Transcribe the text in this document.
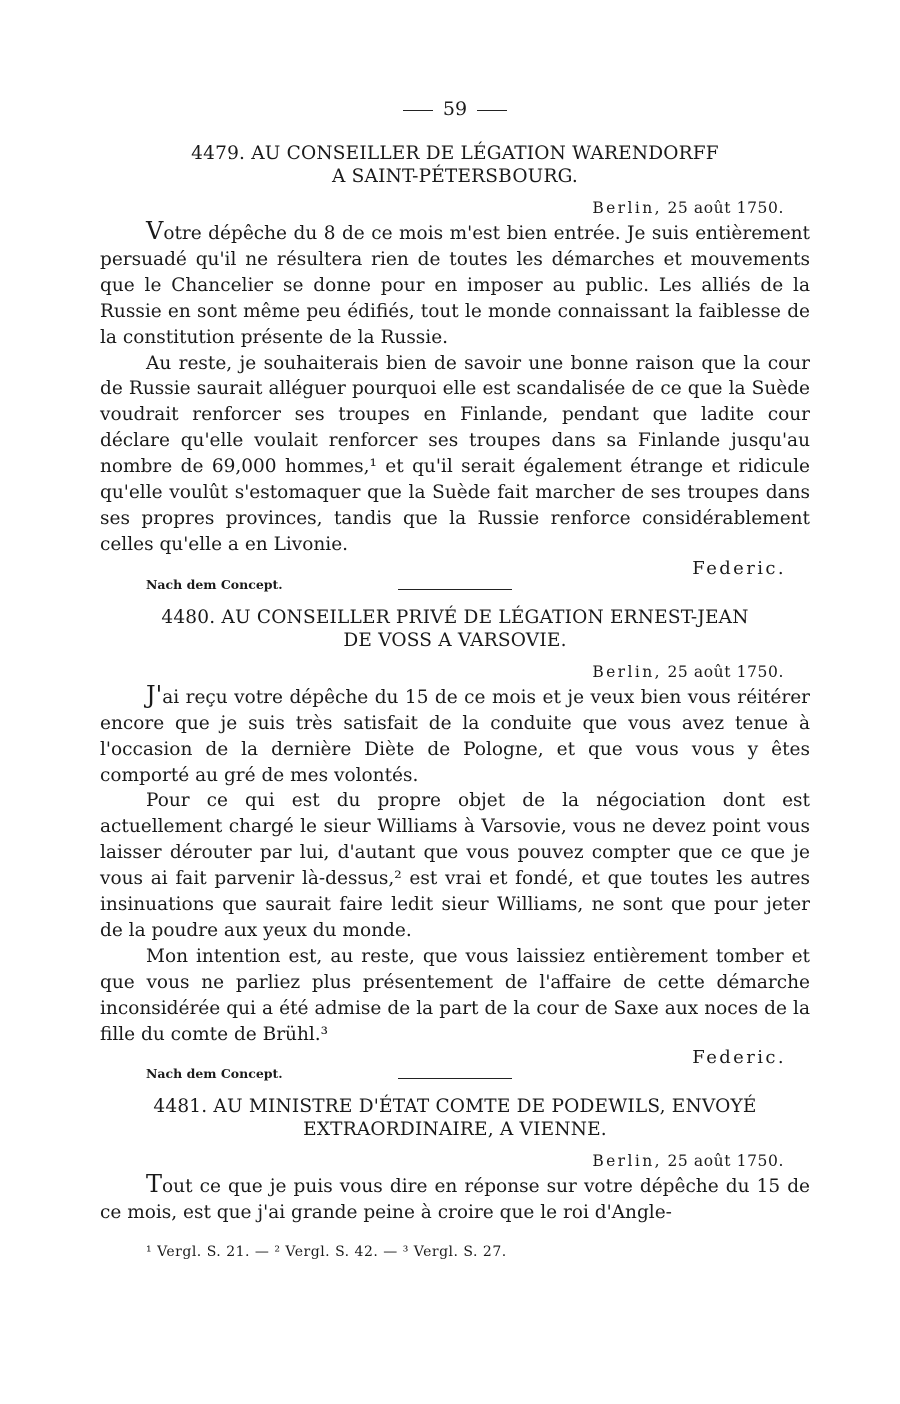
59
4479. AU CONSEILLER DE LÉGATION WARENDORFF
A SAINT-PÉTERSBOURG.
Berlin, 25 août 1750.

Votre dépêche du 8 de ce mois m'est bien entrée. Je suis entièrement persuadé qu'il ne résultera rien de toutes les démarches et mouvements que le Chancelier se donne pour en imposer au public. Les alliés de la Russie en sont même peu édifiés, tout le monde connaissant la faiblesse de la constitution présente de la Russie.

Au reste, je souhaiterais bien de savoir une bonne raison que la cour de Russie saurait alléguer pourquoi elle est scandalisée de ce que la Suède voudrait renforcer ses troupes en Finlande, pendant que ladite cour déclare qu'elle voulait renforcer ses troupes dans sa Finlande jusqu'au nombre de 69,000 hommes,¹ et qu'il serait également étrange et ridicule qu'elle voulût s'estomaquer que la Suède fait marcher de ses troupes dans ses propres provinces, tandis que la Russie renforce considérablement celles qu'elle a en Livonie.

Federic.
Nach dem Concept.
4480. AU CONSEILLER PRIVÉ DE LÉGATION ERNEST-JEAN
DE VOSS A VARSOVIE.
Berlin, 25 août 1750.

J'ai reçu votre dépêche du 15 de ce mois et je veux bien vous réitérer encore que je suis très satisfait de la conduite que vous avez tenue à l'occasion de la dernière Diète de Pologne, et que vous vous y êtes comporté au gré de mes volontés.

Pour ce qui est du propre objet de la négociation dont est actuellement chargé le sieur Williams à Varsovie, vous ne devez point vous laisser dérouter par lui, d'autant que vous pouvez compter que ce que je vous ai fait parvenir là-dessus,² est vrai et fondé, et que toutes les autres insinuations que saurait faire ledit sieur Williams, ne sont que pour jeter de la poudre aux yeux du monde.

Mon intention est, au reste, que vous laissiez entièrement tomber et que vous ne parliez plus présentement de l'affaire de cette démarche inconsidérée qui a été admise de la part de la cour de Saxe aux noces de la fille du comte de Brühl.³

Federic.
Nach dem Concept.
4481. AU MINISTRE D'ÉTAT COMTE DE PODEWILS, ENVOYÉ
EXTRAORDINAIRE, A VIENNE.
Berlin, 25 août 1750.

Tout ce que je puis vous dire en réponse sur votre dépêche du 15 de ce mois, est que j'ai grande peine à croire que le roi d'Angle-

¹ Vergl. S. 21. — ² Vergl. S. 42. — ³ Vergl. S. 27.
